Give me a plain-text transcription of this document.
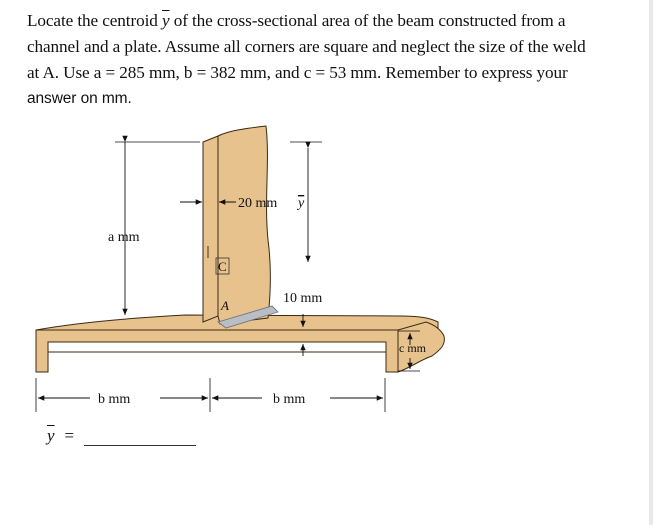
Locate the centroid $\overline{y}$ of the cross-sectional area of the beam constructed from a
channel and a plate. Assume all corners are square and neglect the size of the weld
at A. Use a = 285 mm, b = 382 mm, and c = 53 mm. Remember to express your
answer on mm.
a mm
20 mm y
C
10 mm
A
c mm
b mm	b mm
$\overline{y}$ =
